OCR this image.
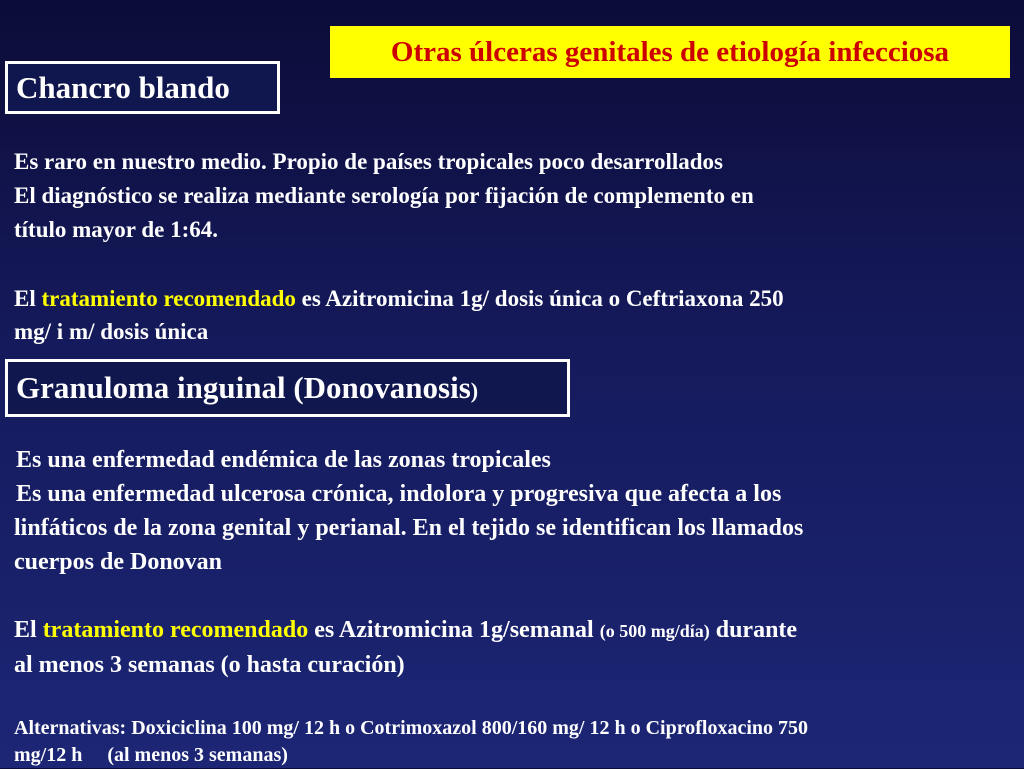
Otras úlceras genitales de etiología infecciosa
Chancro blando

Es raro en nuestro medio. Propio de países tropicales poco desarrollados

El diagnóstico se realiza mediante serología por fijación de complemento en

título mayor de 1:64.

El tratamiento recomendado es Azitromicina 1g/ dosis única o Ceftriaxona 250

mg/ i m/ dosis única

Granuloma inguinal (Donovanosis)

Es una enfermedad endémica de las zonas tropicales

Es una enfermedad ulcerosa crónica, indolora y progresiva que afecta a los

linfáticos de la zona genital y perianal. En el tejido se identifican los llamados

cuerpos de Donovan

El tratamiento recomendado es Azitromicina 1g/semanal (o 500 mg/día) durante

al menos 3 semanas (o hasta curación)

Alternativas: Doxiciclina 100 mg/ 12 h o Cotrimoxazol 800/160 mg/ 12 h o Ciprofloxacino 750

mg/12 h     (al menos 3 semanas)
